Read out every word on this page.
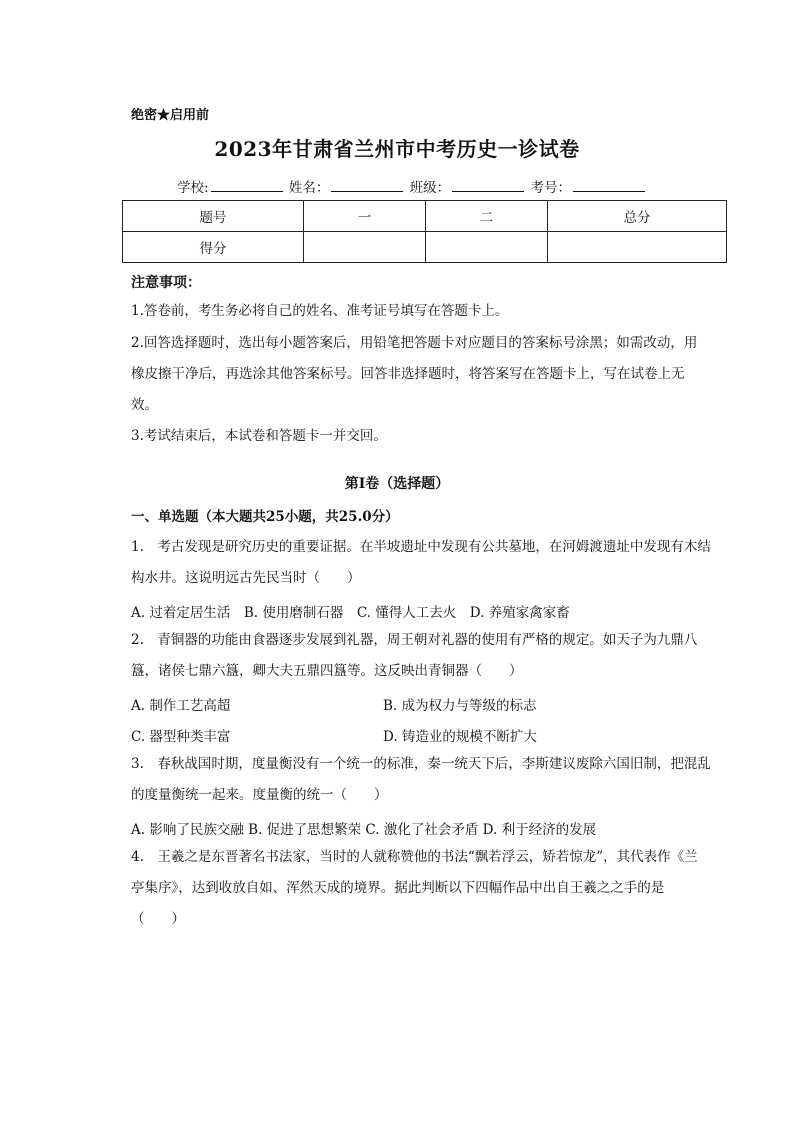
绝密★启用前
2023年甘肃省兰州市中考历史一诊试卷
学校:	姓名：	班级：	考号：
题号	一	二	总分
得分			
注意事项：
1.答卷前，考生务必将自己的姓名、准考证号填写在答题卡上。
2.回答选择题时，选出每小题答案后，用铅笔把答题卡对应题目的答案标号涂黑；如需改动，用橡皮擦干净后，再选涂其他答案标号。回答非选择题时，将答案写在答题卡上，写在试卷上无效。
3.考试结束后，本试卷和答题卡一并交回。
第I卷（选择题）
一、单选题（本大题共25小题，共25.0分）
1.　考古发现是研究历史的重要证据。在半坡遗址中发现有公共墓地，在河姆渡遗址中发现有木结构水井。这说明远古先民当时（　　）
A. 过着定居生活　B. 使用磨制石器　C. 懂得人工去火　D. 养殖家禽家畜
2.　青铜器的功能由食器逐步发展到礼器，周王朝对礼器的使用有严格的规定。如天子为九鼎八簋，诸侯七鼎六簋，卿大夫五鼎四簋等。这反映出青铜器（　　）
A. 制作工艺高超	B. 成为权力与等级的标志
C. 器型种类丰富	D. 铸造业的规模不断扩大
3.　春秋战国时期，度量衡没有一个统一的标准，秦一统天下后，李斯建议废除六国旧制，把混乱的度量衡统一起来。度量衡的统一（　　）
A. 影响了民族交融 B. 促进了思想繁荣 C. 激化了社会矛盾 D. 利于经济的发展
4.　王羲之是东晋著名书法家，当时的人就称赞他的书法“飘若浮云，矫若惊龙”，其代表作《兰亭集序》，达到收放自如、浑然天成的境界。据此判断以下四幅作品中出自王羲之之手的是（　　）
